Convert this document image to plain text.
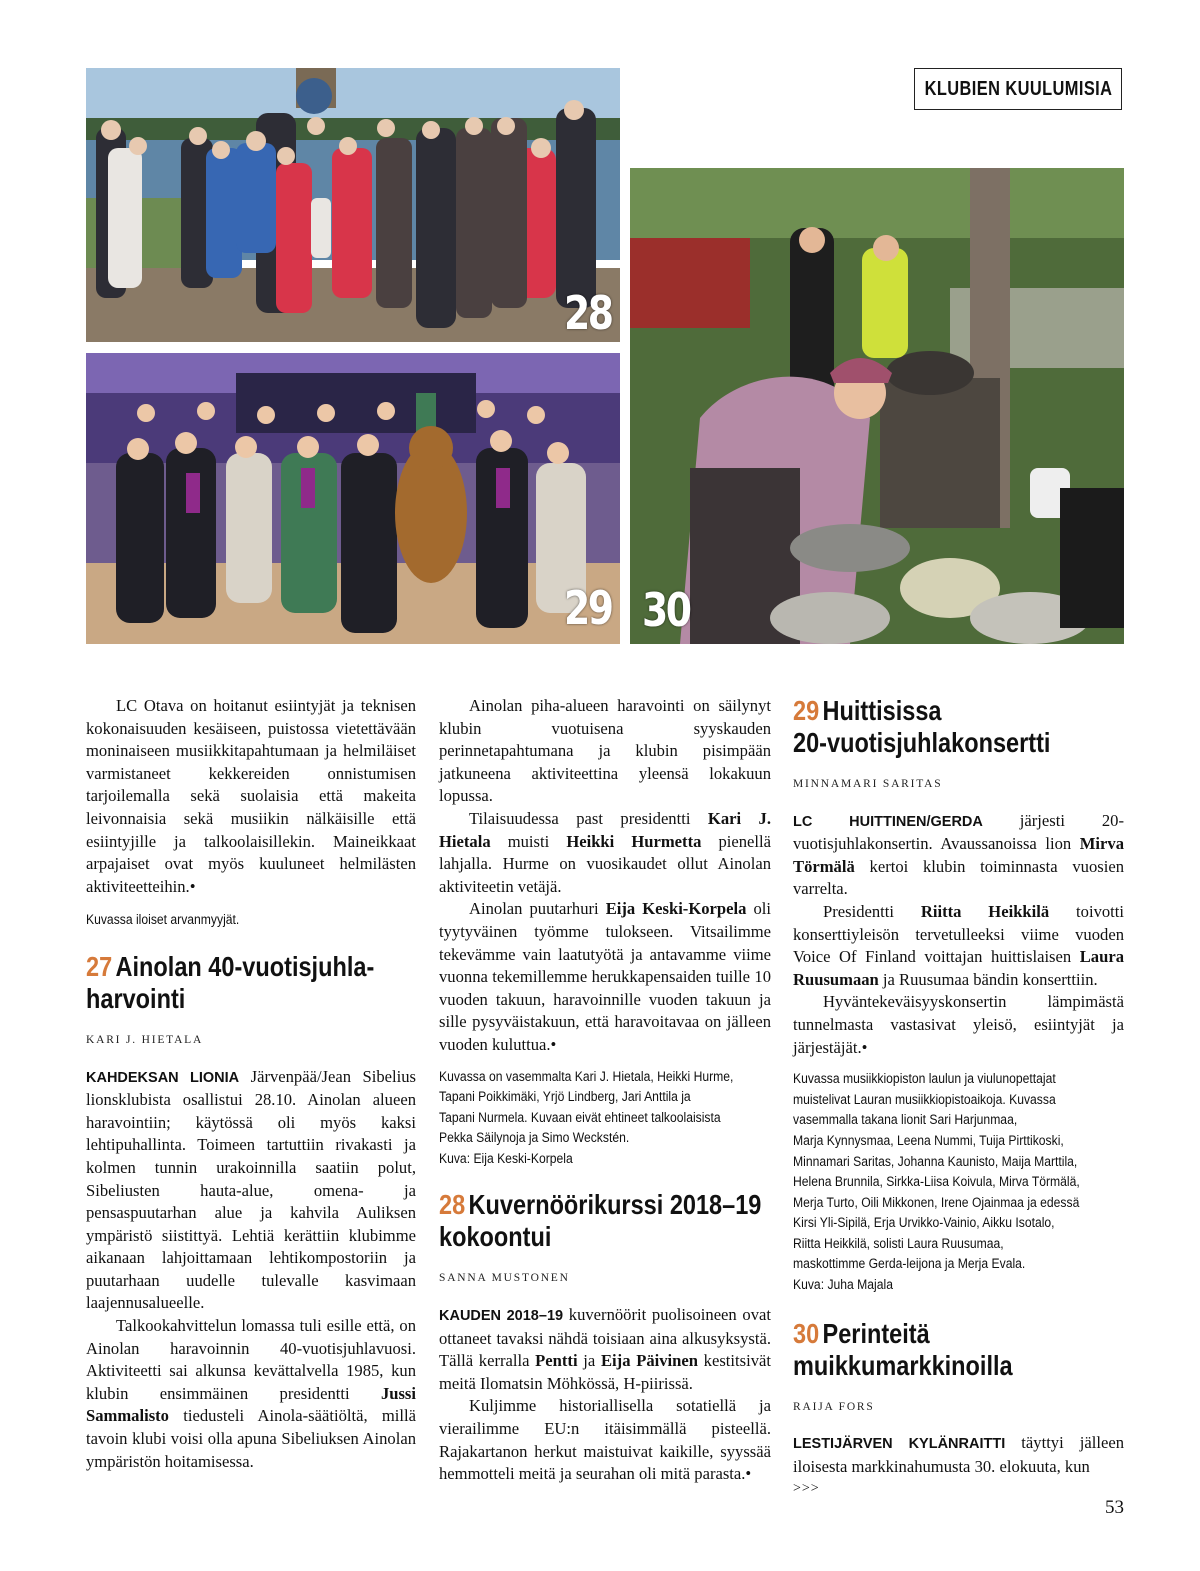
28
29 30
KLUBIEN KUULUMISIA

LC Otava on hoitanut esiintyjät ja teknisen kokonaisuuden kesäiseen, puistossa vietettävään moninaiseen musiikkitapahtumaan ja helmiläiset varmistaneet kekkereiden onnistumisen tarjoilemalla sekä suolaisia että makeita leivonnaisia sekä musiikin nälkäisille että esiintyjille ja talkoolaisillekin. Maineikkaat arpajaiset ovat myös kuuluneet helmilästen aktiviteetteihin.•

Kuvassa iloiset arvanmyyjät.

27 Ainolan 40-vuotisjuhla-

harvointi

KARI J. HIETALA

KAHDEKSAN LIONIA Järvenpää/Jean Sibelius lionsklubista osallistui 28.10. Ainolan alueen haravointiin; käytössä oli myös kaksi lehtipuhallinta. Toimeen tartuttiin rivakasti ja kolmen tunnin urakoinnilla saatiin polut, Sibeliusten hauta-alue, omena- ja pensaspuutarhan alue ja kahvila Auliksen ympäristö siistittyä. Lehtiä kerättiin klubimme aikanaan lahjoittamaan lehtikompostoriin ja puutarhaan uudelle tulevalle kasvimaan laajennusalueelle.

Talkookahvittelun lomassa tuli esille että, on Ainolan haravoinnin 40-vuotisjuhlavuosi. Aktiviteetti sai alkunsa kevättalvella 1985, kun klubin ensimmäinen presidentti Jussi Sammalisto tiedusteli Ainola-säätiöltä, millä tavoin klubi voisi olla apuna Sibeliuksen Ainolan ympäristön hoitamisessa.

Ainolan piha-alueen haravointi on säilynyt klubin vuotuisena syyskauden perinnetapahtumana ja klubin pisimpään jatkuneena aktiviteettina yleensä lokakuun lopussa.

Tilaisuudessa past presidentti Kari J. Hietala muisti Heikki Hurmetta pienellä lahjalla. Hurme on vuosikaudet ollut Ainolan aktiviteetin vetäjä.

Ainolan puutarhuri Eija Keski-Korpela oli tyytyväinen työmme tulokseen. Vitsailimme tekevämme vain laatutyötä ja antavamme viime vuonna tekemillemme herukkapensaiden tuille 10 vuoden takuun, haravoinnille vuoden takuun ja sille pysyväistakuun, että haravoitavaa on jälleen vuoden kuluttua.•

Kuvassa on vasemmalta Kari J. Hietala, Heikki Hurme,

Tapani Poikkimäki, Yrjö Lindberg, Jari Anttila ja

Tapani Nurmela. Kuvaan eivät ehtineet talkoolaisista

Pekka Säilynoja ja Simo Weckstén.

Kuva: Eija Keski-Korpela

28 Kuvernöörikurssi 2018–19

kokoontui

SANNA MUSTONEN

KAUDEN 2018–19 kuvernöörit puolisoineen ovat ottaneet tavaksi nähdä toisiaan aina alkusyksystä. Tällä kerralla Pentti ja Eija Päivinen kestitsivät meitä Ilomatsin Möhkössä, H-piirissä.

Kuljimme historiallisella sotatiellä ja vierailimme EU:n itäisimmällä pisteellä. Rajakartanon herkut maistuivat kaikille, syyssää hemmotteli meitä ja seurahan oli mitä parasta.•

29 Huittisissa

20-vuotisjuhlakonsertti

MINNAMARI SARITAS

LC HUITTINEN/GERDA järjesti 20-vuotisjuhlakonsertin. Avaussanoissa lion Mirva Törmälä kertoi klubin toiminnasta vuosien varrelta.

Presidentti Riitta Heikkilä toivotti konserttiyleisön tervetulleeksi viime vuoden Voice Of Finland voittajan huittislaisen Laura Ruusumaan ja Ruusumaa bändin konserttiin.

Hyväntekeväisyyskonsertin lämpimästä tunnelmasta vastasivat yleisö, esiintyjät ja järjestäjät.•

Kuvassa musiikkiopiston laulun ja viulunopettajat

muistelivat Lauran musiikkiopistoaikoja. Kuvassa

vasemmalla takana lionit Sari Harjunmaa,

Marja Kynnysmaa, Leena Nummi, Tuija Pirttikoski,

Minnamari Saritas, Johanna Kaunisto, Maija Marttila,

Helena Brunnila, Sirkka-Liisa Koivula, Mirva Törmälä,

Merja Turto, Oili Mikkonen, Irene Ojainmaa ja edessä

Kirsi Yli-Sipilä, Erja Urvikko-Vainio, Aikku Isotalo,

Riitta Heikkilä, solisti Laura Ruusumaa,

maskottimme Gerda-leijona ja Merja Evala.

Kuva: Juha Majala

30 Perinteitä

muikkumarkkinoilla

RAIJA FORS

LESTIJÄRVEN KYLÄNRAITTI täyttyi jälleen iloisesta markkinahumusta 30. elokuuta, kun

>>>

53
